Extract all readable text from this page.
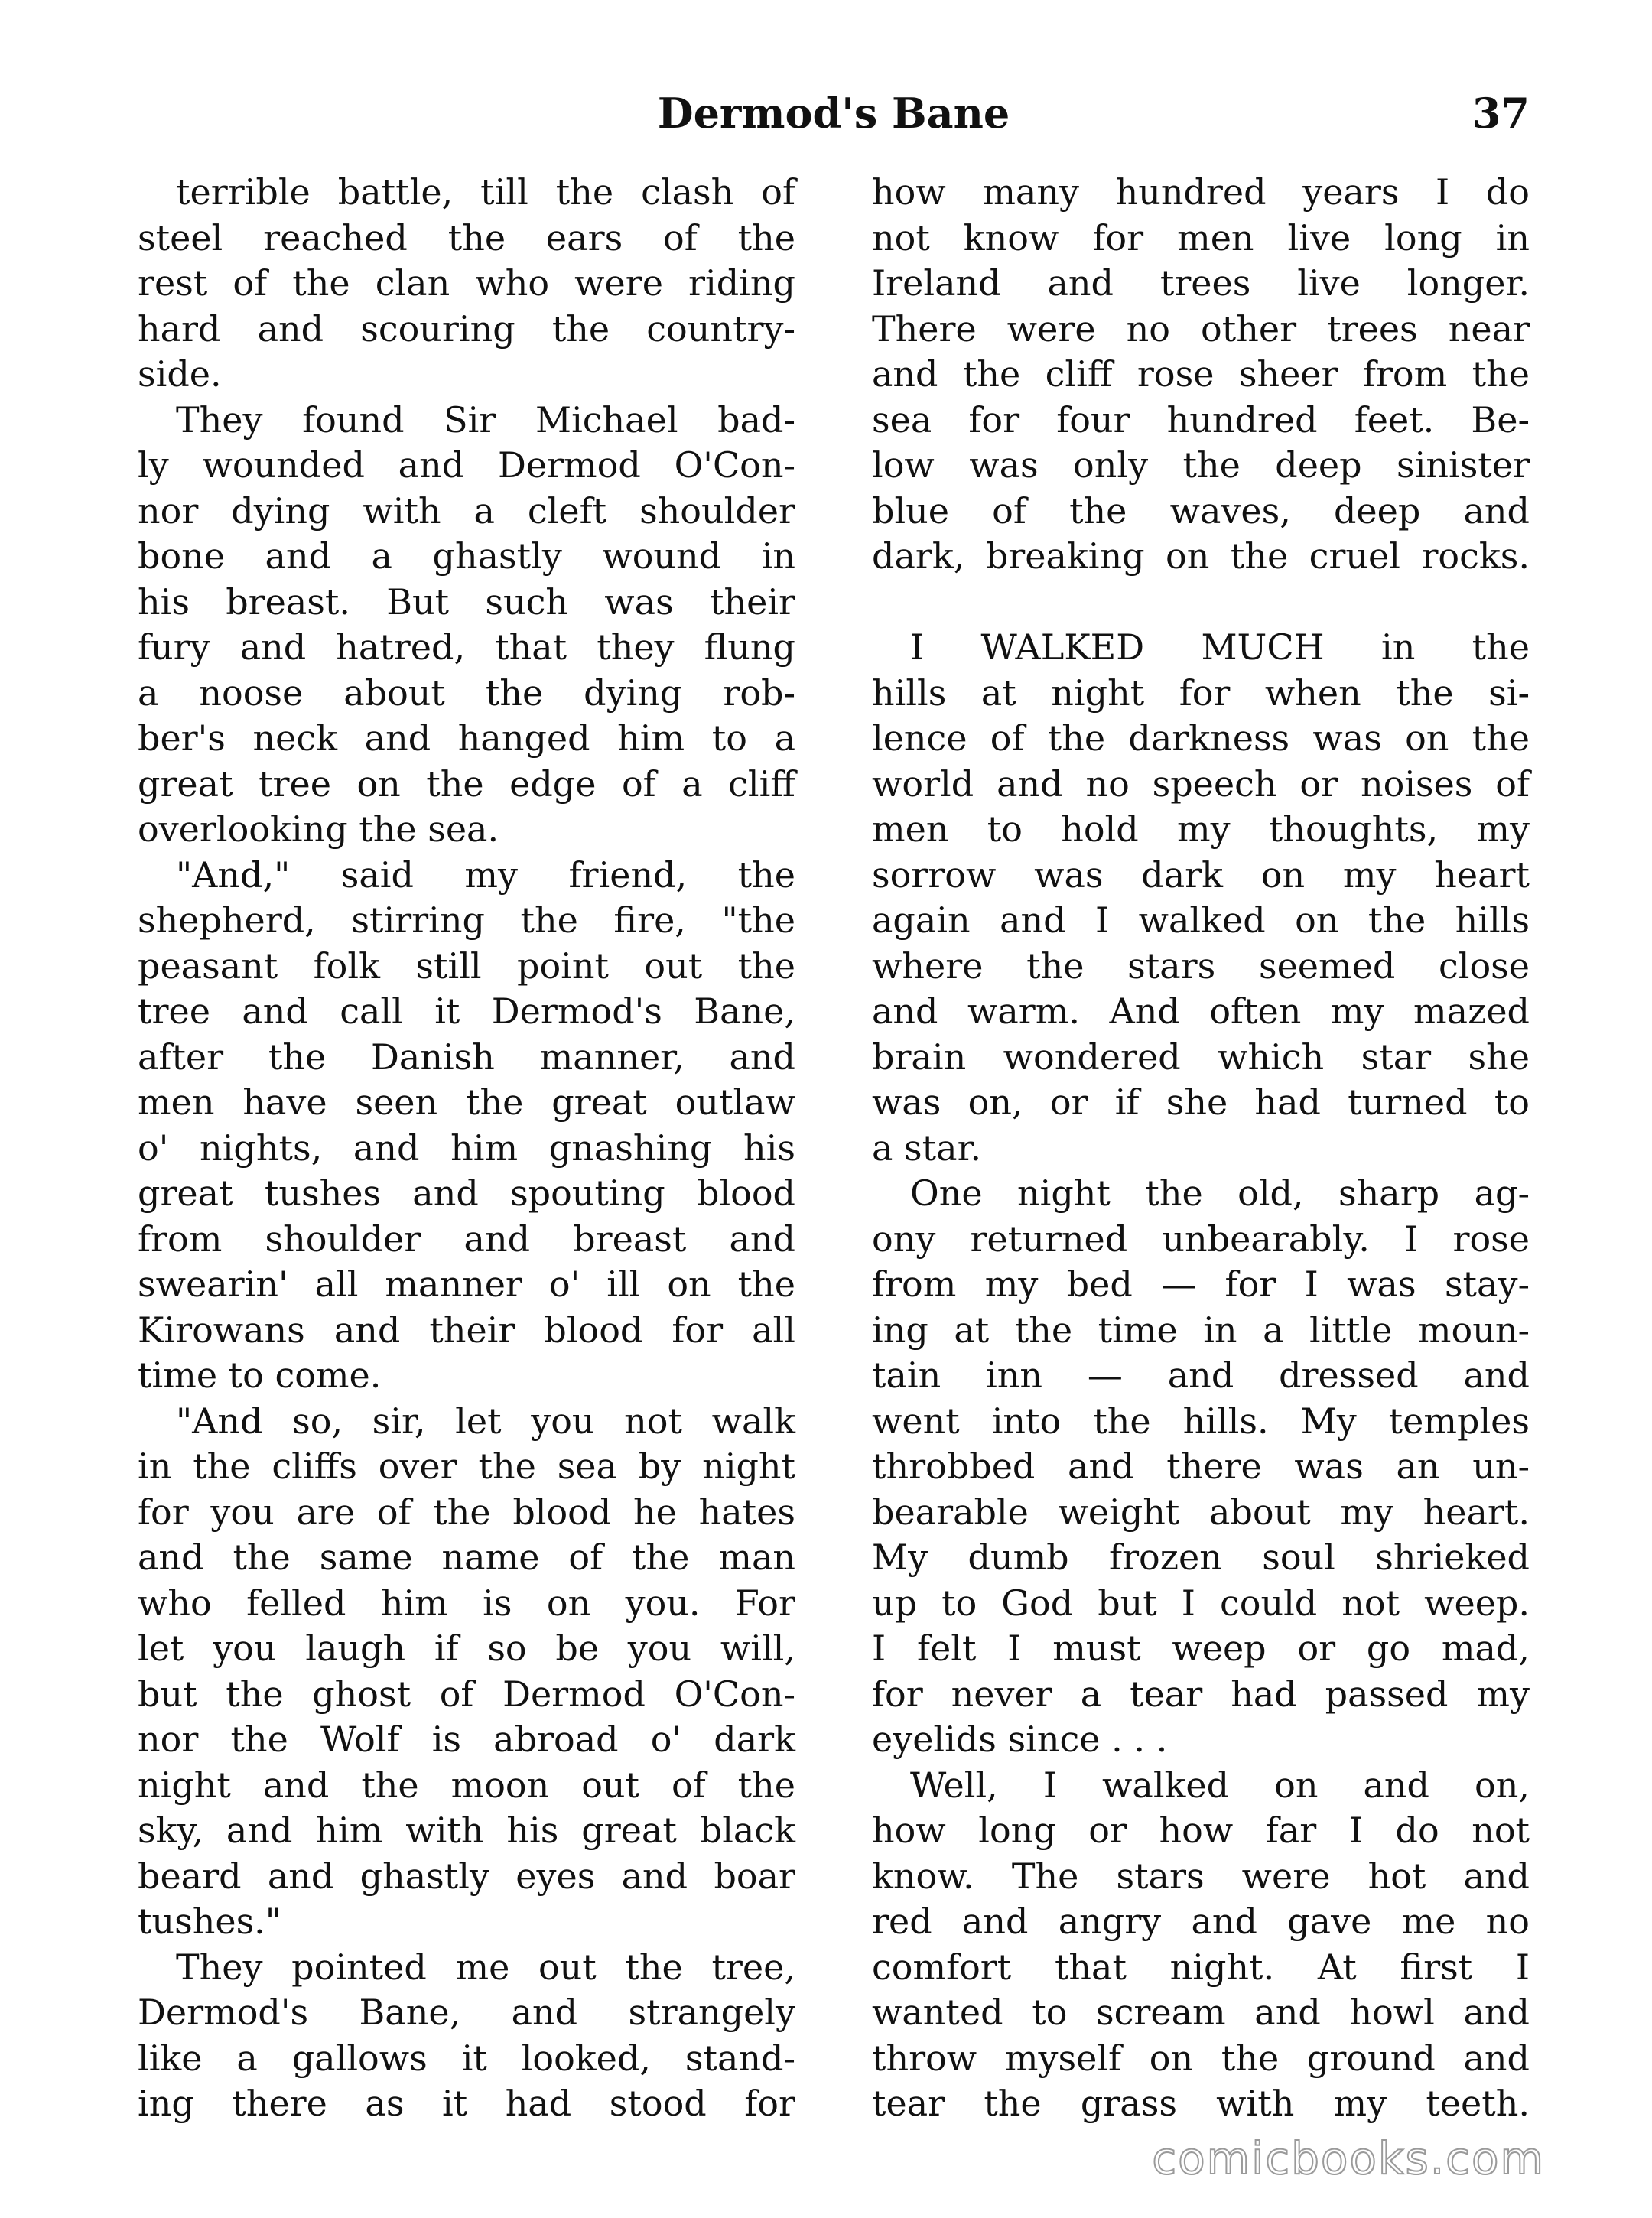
Dermod's Bane	37
terrible battle, till the clash of
steel reached the ears of the
rest of the clan who were riding
hard and scouring the country-
side.
They found Sir Michael bad-
ly wounded and Dermod O'Con-
nor dying with a cleft shoulder
bone and a ghastly wound in
his breast. But such was their
fury and hatred, that they flung
a noose about the dying rob-
ber's neck and hanged him to a
great tree on the edge of a cliff
overlooking the sea.
"And," said my friend, the
shepherd, stirring the fire, "the
peasant folk still point out the
tree and call it Dermod's Bane,
after the Danish manner, and
men have seen the great outlaw
o' nights, and him gnashing his
great tushes and spouting blood
from shoulder and breast and
swearin' all manner o' ill on the
Kirowans and their blood for all
time to come.
"And so, sir, let you not walk
in the cliffs over the sea by night
for you are of the blood he hates
and the same name of the man
who felled him is on you. For
let you laugh if so be you will,
but the ghost of Dermod O'Con-
nor the Wolf is abroad o' dark
night and the moon out of the
sky, and him with his great black
beard and ghastly eyes and boar
tushes."
They pointed me out the tree,
Dermod's Bane, and strangely
like a gallows it looked, stand-
ing there as it had stood for
how many hundred years I do
not know for men live long in
Ireland and trees live longer.
There were no other trees near
and the cliff rose sheer from the
sea for four hundred feet. Be-
low was only the deep sinister
blue of the waves, deep and
dark, breaking on the cruel rocks.
I WALKED MUCH in the
hills at night for when the si-
lence of the darkness was on the
world and no speech or noises of
men to hold my thoughts, my
sorrow was dark on my heart
again and I walked on the hills
where the stars seemed close
and warm. And often my mazed
brain wondered which star she
was on, or if she had turned to
a star.
One night the old, sharp ag-
ony returned unbearably. I rose
from my bed — for I was stay-
ing at the time in a little moun-
tain inn — and dressed and
went into the hills. My temples
throbbed and there was an un-
bearable weight about my heart.
My dumb frozen soul shrieked
up to God but I could not weep.
I felt I must weep or go mad,
for never a tear had passed my
eyelids since . . .
Well, I walked on and on,
how long or how far I do not
know. The stars were hot and
red and angry and gave me no
comfort that night. At first I
wanted to scream and howl and
throw myself on the ground and
tear the grass with my teeth.
comicbooks.com
